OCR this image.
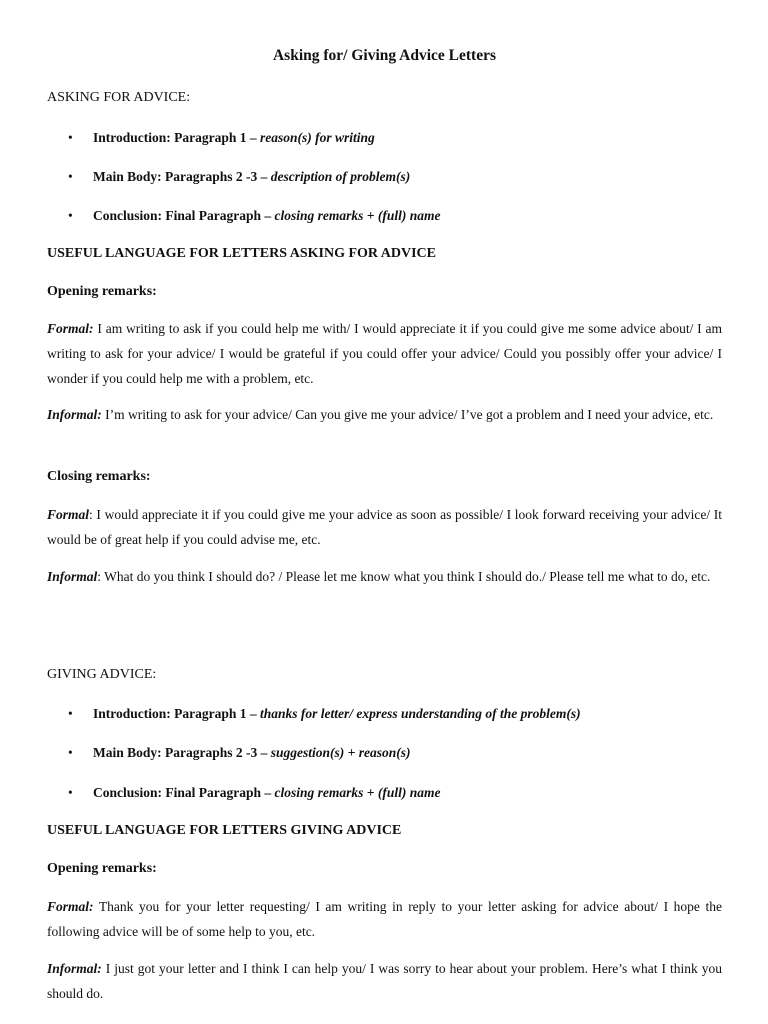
Asking for/ Giving Advice Letters
ASKING FOR ADVICE:
• Introduction: Paragraph 1 – reason(s) for writing
• Main Body: Paragraphs 2 -3 – description of problem(s)
• Conclusion: Final Paragraph – closing remarks + (full) name
USEFUL LANGUAGE FOR LETTERS ASKING FOR ADVICE
Opening remarks:
Formal: I am writing to ask if you could help me with/ I would appreciate it if you could give me some advice about/ I am writing to ask for your advice/ I would be grateful if you could offer your advice/ Could you possibly offer your advice/ I wonder if you could help me with a problem, etc.
Informal: I’m writing to ask for your advice/ Can you give me your advice/ I’ve got a problem and I need your advice, etc.
Closing remarks:
Formal: I would appreciate it if you could give me your advice as soon as possible/ I look forward receiving your advice/ It would be of great help if you could advise me, etc.
Informal: What do you think I should do? / Please let me know what you think I should do./ Please tell me what to do, etc.
GIVING ADVICE:
• Introduction: Paragraph 1 – thanks for letter/ express understanding of the problem(s)
• Main Body: Paragraphs 2 -3 – suggestion(s) + reason(s)
• Conclusion: Final Paragraph – closing remarks + (full) name
USEFUL LANGUAGE FOR LETTERS GIVING ADVICE
Opening remarks:
Formal: Thank you for your letter requesting/ I am writing in reply to your letter asking for advice about/ I hope the following advice will be of some help to you, etc.
Informal: I just got your letter and I think I can help you/ I was sorry to hear about your problem. Here’s what I think you should do.
